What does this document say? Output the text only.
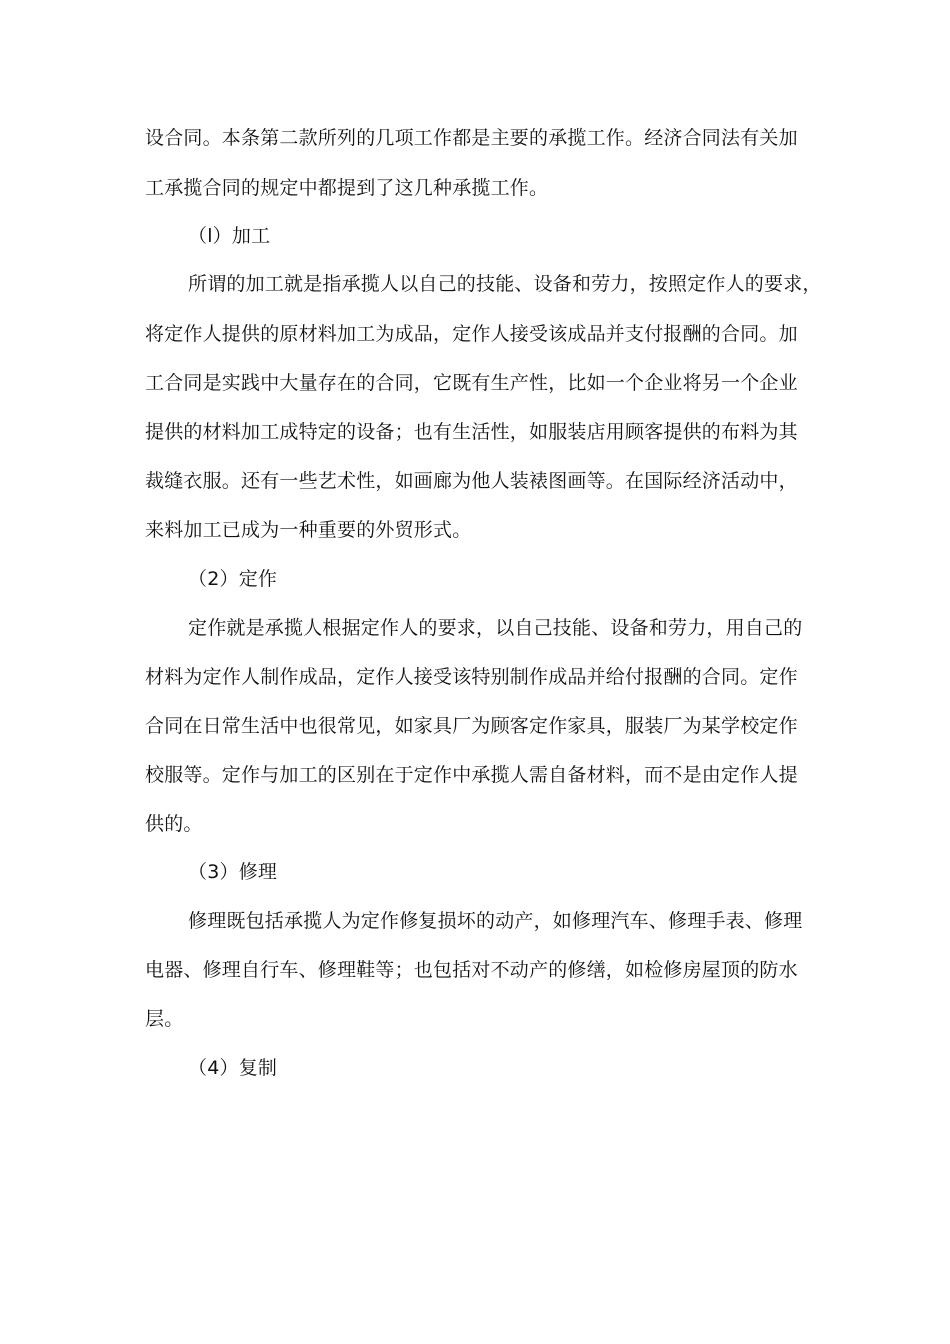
设合同。本条第二款所列的几项工作都是主要的承揽工作。经济合同法有关加
工承揽合同的规定中都提到了这几种承揽工作。
（l）加工
所谓的加工就是指承揽人以自己的技能、设备和劳力，按照定作人的要求，
将定作人提供的原材料加工为成品，定作人接受该成品并支付报酬的合同。加
工合同是实践中大量存在的合同，它既有生产性，比如一个企业将另一个企业
提供的材料加工成特定的设备；也有生活性，如服装店用顾客提供的布料为其
裁缝衣服。还有一些艺术性，如画廊为他人装裱图画等。在国际经济活动中，
来料加工已成为一种重要的外贸形式。
（2）定作
定作就是承揽人根据定作人的要求，以自己技能、设备和劳力，用自己的
材料为定作人制作成品，定作人接受该特别制作成品并给付报酬的合同。定作
合同在日常生活中也很常见，如家具厂为顾客定作家具，服装厂为某学校定作
校服等。定作与加工的区别在于定作中承揽人需自备材料，而不是由定作人提
供的。
（3）修理
修理既包括承揽人为定作修复损坏的动产，如修理汽车、修理手表、修理
电器、修理自行车、修理鞋等；也包括对不动产的修缮，如检修房屋顶的防水
层。
（4）复制
